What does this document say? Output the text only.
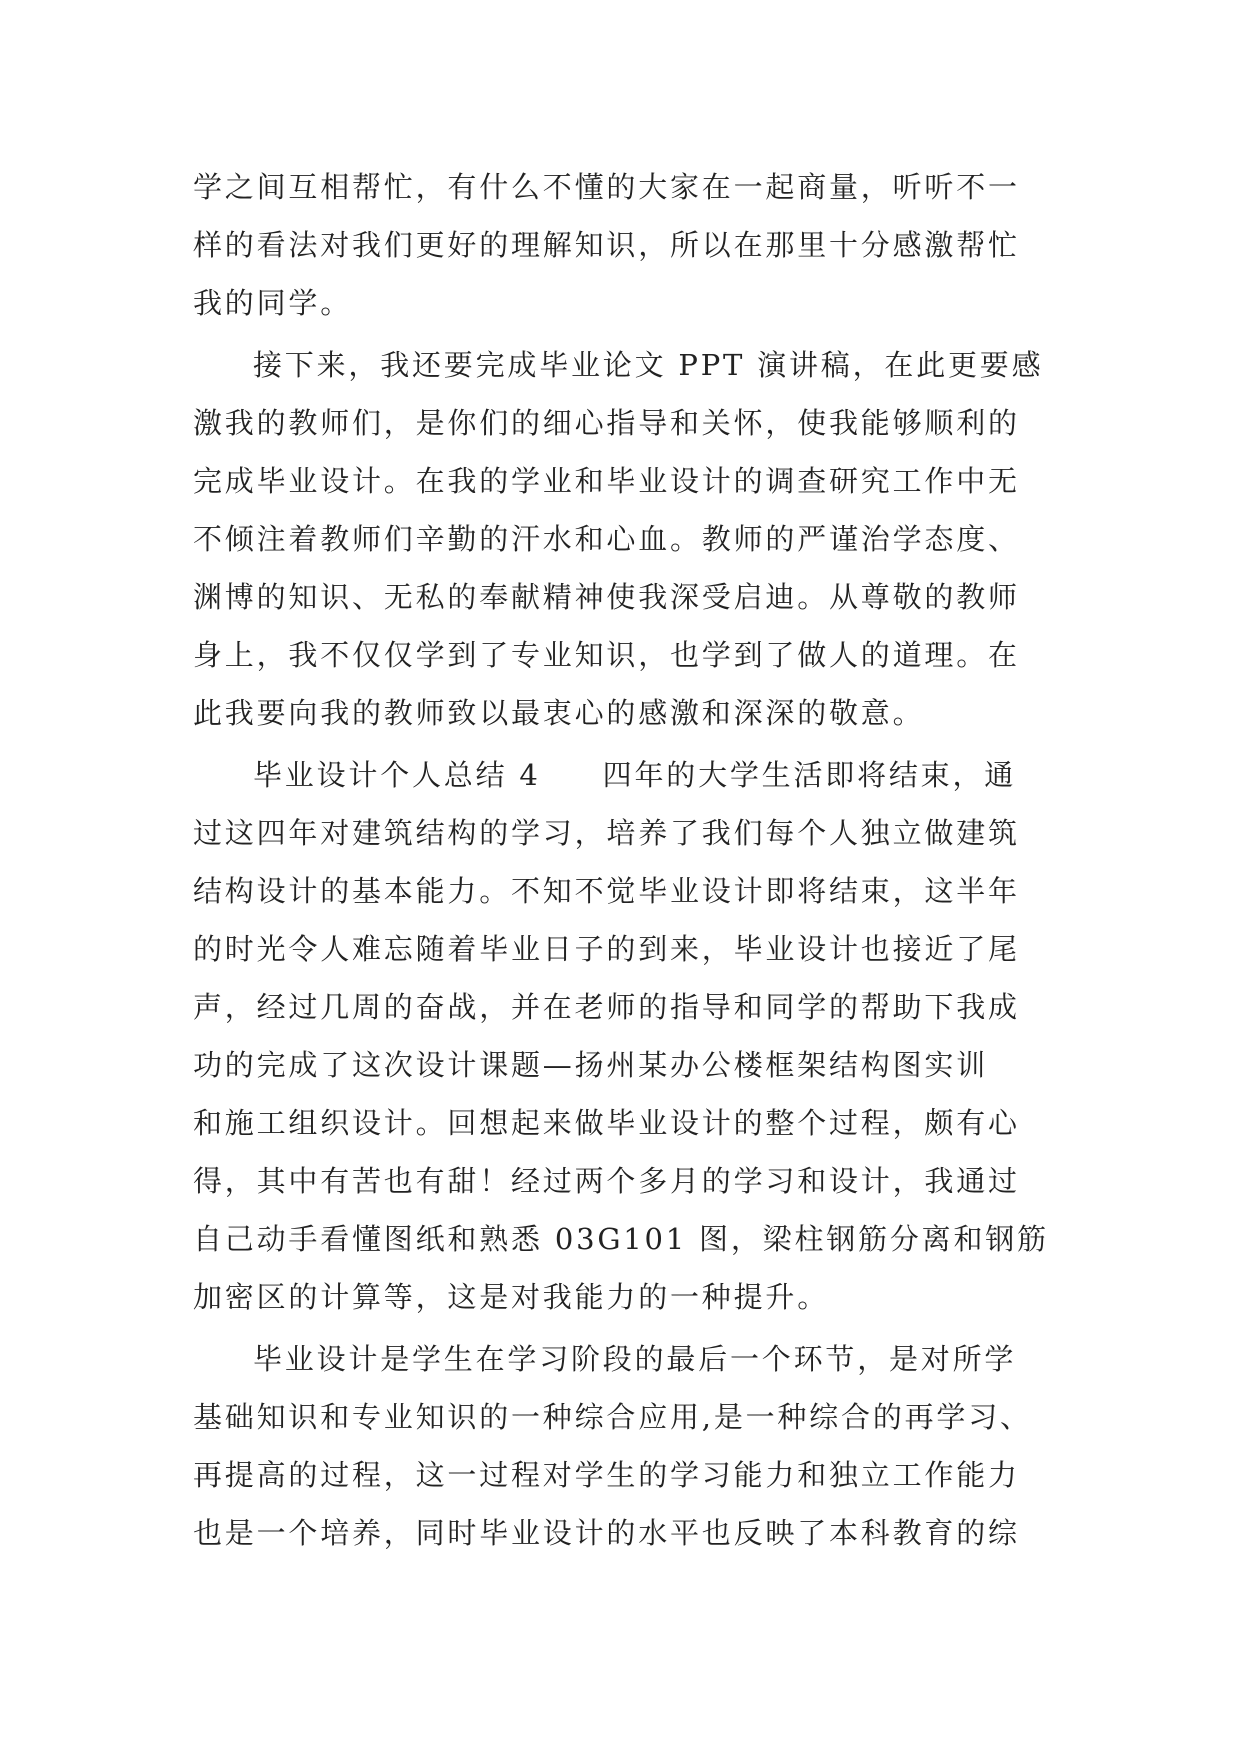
学之间互相帮忙，有什么不懂的大家在一起商量，听听不一
样的看法对我们更好的理解知识，所以在那里十分感激帮忙
我的同学。
接下来，我还要完成毕业论文 PPT 演讲稿，在此更要感
激我的教师们，是你们的细心指导和关怀，使我能够顺利的
完成毕业设计。在我的学业和毕业设计的调查研究工作中无
不倾注着教师们辛勤的汗水和心血。教师的严谨治学态度、
渊博的知识、无私的奉献精神使我深受启迪。从尊敬的教师
身上，我不仅仅学到了专业知识，也学到了做人的道理。在
此我要向我的教师致以最衷心的感激和深深的敬意。
毕业设计个人总结 4 四年的大学生活即将结束，通
过这四年对建筑结构的学习，培养了我们每个人独立做建筑
结构设计的基本能力。不知不觉毕业设计即将结束，这半年
的时光令人难忘随着毕业日子的到来，毕业设计也接近了尾
声，经过几周的奋战，并在老师的指导和同学的帮助下我成
功的完成了这次设计课题—扬州某办公楼框架结构图实训
和施工组织设计。回想起来做毕业设计的整个过程，颇有心
得，其中有苦也有甜！经过两个多月的学习和设计，我通过
自己动手看懂图纸和熟悉 03G101 图，梁柱钢筋分离和钢筋
加密区的计算等，这是对我能力的一种提升。
毕业设计是学生在学习阶段的最后一个环节，是对所学
基础知识和专业知识的一种综合应用,是一种综合的再学习、
再提高的过程，这一过程对学生的学习能力和独立工作能力
也是一个培养，同时毕业设计的水平也反映了本科教育的综
